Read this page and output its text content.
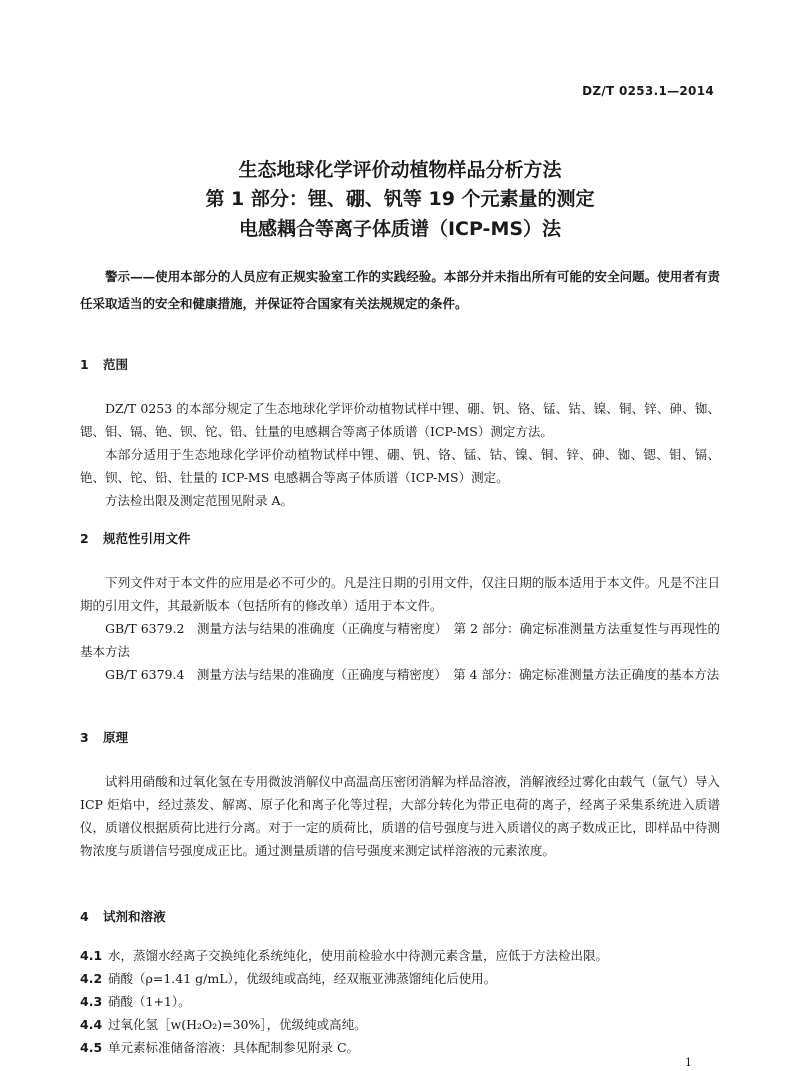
DZ/T 0253.1—2014
生态地球化学评价动植物样品分析方法
第 1 部分：锂、硼、钒等 19 个元素量的测定
电感耦合等离子体质谱（ICP-MS）法
警示——使用本部分的人员应有正规实验室工作的实践经验。本部分并未指出所有可能的安全问题。使用者有责任采取适当的安全和健康措施，并保证符合国家有关法规规定的条件。
1 范围

DZ/T 0253 的本部分规定了生态地球化学评价动植物试样中锂、硼、钒、铬、锰、钴、镍、铜、锌、砷、铷、锶、钼、镉、铯、钡、铊、铅、钍量的电感耦合等离子体质谱（ICP-MS）测定方法。

本部分适用于生态地球化学评价动植物试样中锂、硼、钒、铬、锰、钴、镍、铜、锌、砷、铷、锶、钼、镉、铯、钡、铊、铅、钍量的 ICP-MS 电感耦合等离子体质谱（ICP-MS）测定。

方法检出限及测定范围见附录 A。

2 规范性引用文件

下列文件对于本文件的应用是必不可少的。凡是注日期的引用文件，仅注日期的版本适用于本文件。凡是不注日期的引用文件，其最新版本（包括所有的修改单）适用于本文件。

GB/T 6379.2　测量方法与结果的准确度（正确度与精密度）　第 2 部分：确定标准测量方法重复性与再现性的基本方法

GB/T 6379.4　测量方法与结果的准确度（正确度与精密度）　第 4 部分：确定标准测量方法正确度的基本方法

3 原理

试料用硝酸和过氧化氢在专用微波消解仪中高温高压密闭消解为样品溶液，消解液经过雾化由载气（氩气）导入 ICP 炬焰中，经过蒸发、解离、原子化和离子化等过程，大部分转化为带正电荷的离子，经离子采集系统进入质谱仪，质谱仪根据质荷比进行分离。对于一定的质荷比，质谱的信号强度与进入质谱仪的离子数成正比，即样品中待测物浓度与质谱信号强度成正比。通过测量质谱的信号强度来测定试样溶液的元素浓度。

4 试剂和溶液
4.1 水，蒸馏水经离子交换纯化系统纯化，使用前检验水中待测元素含量，应低于方法检出限。
4.2 硝酸（ρ=1.41 g/mL），优级纯或高纯，经双瓶亚沸蒸馏纯化后使用。
4.3 硝酸（1+1）。
4.4 过氧化氢［w(H₂O₂)=30%］，优级纯或高纯。
4.5 单元素标准储备溶液：具体配制参见附录 C。
1
